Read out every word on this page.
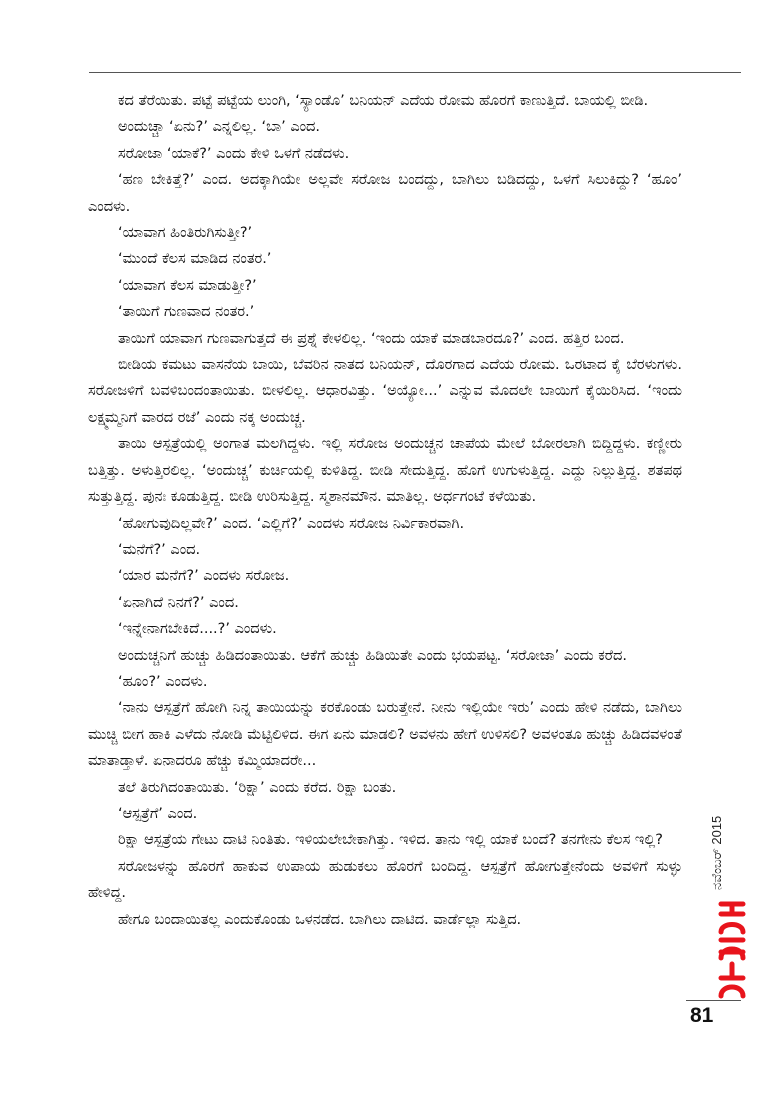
ಕದ ತೆರೆಯಿತು. ಪಟ್ಟೆ ಪಟ್ಟೆಯ ಲುಂಗಿ, ‘ಸ್ಯಾಂಡೊ’ ಬನಿಯನ್ ಎದೆಯ ರೋಮ ಹೊರಗೆ ಕಾಣುತ್ತಿದೆ. ಬಾಯಲ್ಲಿ ಬೀಡಿ.

ಅಂದುಚ್ಚಾ ‘ಏನು?’ ಎನ್ನಲಿಲ್ಲ. ‘ಬಾ’ ಎಂದ.

ಸರೋಜಾ ‘ಯಾಕೆ?’ ಎಂದು ಕೇಳಿ ಒಳಗೆ ನಡೆದಳು.

‘ಹಣ ಬೇಕಿತ್ತೆ?’ ಎಂದ. ಅದಕ್ಕಾಗಿಯೇ ಅಲ್ಲವೇ ಸರೋಜ ಬಂದದ್ದು, ಬಾಗಿಲು ಬಡಿದದ್ದು, ಒಳಗೆ ಸಿಲುಕಿದ್ದು? ‘ಹೂಂ’ ಎಂದಳು.

‘ಯಾವಾಗ ಹಿಂತಿರುಗಿಸುತ್ತೀ?’

‘ಮುಂದೆ ಕೆಲಸ ಮಾಡಿದ ನಂತರ.’

‘ಯಾವಾಗ ಕೆಲಸ ಮಾಡುತ್ತೀ?’

‘ತಾಯಿಗೆ ಗುಣವಾದ ನಂತರ.’

ತಾಯಿಗೆ ಯಾವಾಗ ಗುಣವಾಗುತ್ತದೆ ಈ ಪ್ರಶ್ನೆ ಕೇಳಲಿಲ್ಲ. ‘ಇಂದು ಯಾಕೆ ಮಾಡಬಾರದೂ?’ ಎಂದ. ಹತ್ತಿರ ಬಂದ.

ಬೀಡಿಯ ಕಮಟು ವಾಸನೆಯ ಬಾಯಿ, ಬೆವರಿನ ನಾತದ ಬನಿಯನ್, ದೊರಗಾದ ಎದೆಯ ರೋಮ. ಒರಟಾದ ಕೈ ಬೆರಳುಗಳು. ಸರೋಜಳಿಗೆ ಬವಳಿಬಂದಂತಾಯಿತು. ಬೀಳಲಿಲ್ಲ. ಆಧಾರವಿತ್ತು. ‘ಅಯ್ಯೋ...’ ಎನ್ನುವ ಮೊದಲೇ ಬಾಯಿಗೆ ಕೈಯಿರಿಸಿದ. ‘ಇಂದು ಲಕ್ಷ್ಮಮ್ಮನಿಗೆ ವಾರದ ರಜೆ’ ಎಂದು ನಕ್ಕ ಅಂದುಚ್ಚ.

ತಾಯಿ ಆಸ್ಪತ್ರೆಯಲ್ಲಿ ಅಂಗಾತ ಮಲಗಿದ್ದಳು. ಇಲ್ಲಿ ಸರೋಜ ಅಂದುಚ್ಚನ ಚಾಪೆಯ ಮೇಲೆ ಬೋರಲಾಗಿ ಬಿದ್ದಿದ್ದಳು. ಕಣ್ಣೀರು ಬತ್ತಿತ್ತು. ಅಳುತ್ತಿರಲಿಲ್ಲ. ‘ಅಂದುಚ್ಚ’ ಕುರ್ಚಿಯಲ್ಲಿ ಕುಳಿತಿದ್ದ. ಬೀಡಿ ಸೇದುತ್ತಿದ್ದ. ಹೊಗೆ ಉಗುಳುತ್ತಿದ್ದ. ಎದ್ದು ನಿಲ್ಲುತ್ತಿದ್ದ. ಶತಪಥ ಸುತ್ತುತ್ತಿದ್ದ. ಪುನಃ ಕೂಡುತ್ತಿದ್ದ. ಬೀಡಿ ಉರಿಸುತ್ತಿದ್ದ. ಸ್ಮಶಾನಮೌನ. ಮಾತಿಲ್ಲ. ಅರ್ಧಗಂಟೆ ಕಳೆಯಿತು.

‘ಹೋಗುವುದಿಲ್ಲವೇ?’ ಎಂದ. ‘ಎಲ್ಲಿಗೆ?’ ಎಂದಳು ಸರೋಜ ನಿರ್ವಿಕಾರವಾಗಿ.

‘ಮನೆಗೆ?’ ಎಂದ.

‘ಯಾರ ಮನೆಗೆ?’ ಎಂದಳು ಸರೋಜ.

‘ಏನಾಗಿದೆ ನಿನಗೆ?’ ಎಂದ.

‘ಇನ್ನೇನಾಗಬೇಕಿದೆ....?’ ಎಂದಳು.

ಅಂದುಚ್ಚನಿಗೆ ಹುಚ್ಚು ಹಿಡಿದಂತಾಯಿತು. ಆಕೆಗೆ ಹುಚ್ಚು ಹಿಡಿಯಿತೇ ಎಂದು ಭಯಪಟ್ಟ. ‘ಸರೋಜಾ’ ಎಂದು ಕರೆದ.

‘ಹೂಂ?’ ಎಂದಳು.

‘ನಾನು ಆಸ್ಪತ್ರೆಗೆ ಹೋಗಿ ನಿನ್ನ ತಾಯಿಯನ್ನು ಕರಕೊಂಡು ಬರುತ್ತೇನೆ. ನೀನು ಇಲ್ಲಿಯೇ ಇರು’ ಎಂದು ಹೇಳಿ ನಡೆದು, ಬಾಗಿಲು ಮುಚ್ಚಿ ಬೀಗ ಹಾಕಿ ಎಳೆದು ನೋಡಿ ಮೆಟ್ಟಿಲಿಳಿದ. ಈಗ ಏನು ಮಾಡಲಿ? ಅವಳನು ಹೇಗೆ ಉಳಿಸಲಿ? ಅವಳಂತೂ ಹುಚ್ಚು ಹಿಡಿದವಳಂತೆ ಮಾತಾಡ್ತಾಳೆ. ಏನಾದರೂ ಹೆಚ್ಚು ಕಮ್ಮಿಯಾದರೇ...

ತಲೆ ತಿರುಗಿದಂತಾಯಿತು. ‘ರಿಕ್ಷಾ’ ಎಂದು ಕರೆದ. ರಿಕ್ಷಾ ಬಂತು.

‘ಆಸ್ಪತ್ರೆಗೆ’ ಎಂದ.

ರಿಕ್ಷಾ ಆಸ್ಪತ್ರೆಯ ಗೇಟು ದಾಟಿ ನಿಂತಿತು. ಇಳಿಯಲೇಬೇಕಾಗಿತ್ತು. ಇಳಿದ. ತಾನು ಇಲ್ಲಿ ಯಾಕೆ ಬಂದೆ? ತನಗೇನು ಕೆಲಸ ಇಲ್ಲಿ?

ಸರೋಜಳನ್ನು ಹೊರಗೆ ಹಾಕುವ ಉಪಾಯ ಹುಡುಕಲು ಹೊರಗೆ ಬಂದಿದ್ದ. ಆಸ್ಪತ್ರೆಗೆ ಹೋಗುತ್ತೇನೆಂದು ಅವಳಿಗೆ ಸುಳ್ಳು ಹೇಳಿದ್ದ.

ಹೇಗೂ ಬಂದಾಯಿತಲ್ಲ ಎಂದುಕೊಂಡು ಒಳನಡೆದ. ಬಾಗಿಲು ದಾಟಿದ. ವಾರ್ಡೆಲ್ಲಾ ಸುತ್ತಿದ.

ನವೆಂಬರ್ 2015
81
